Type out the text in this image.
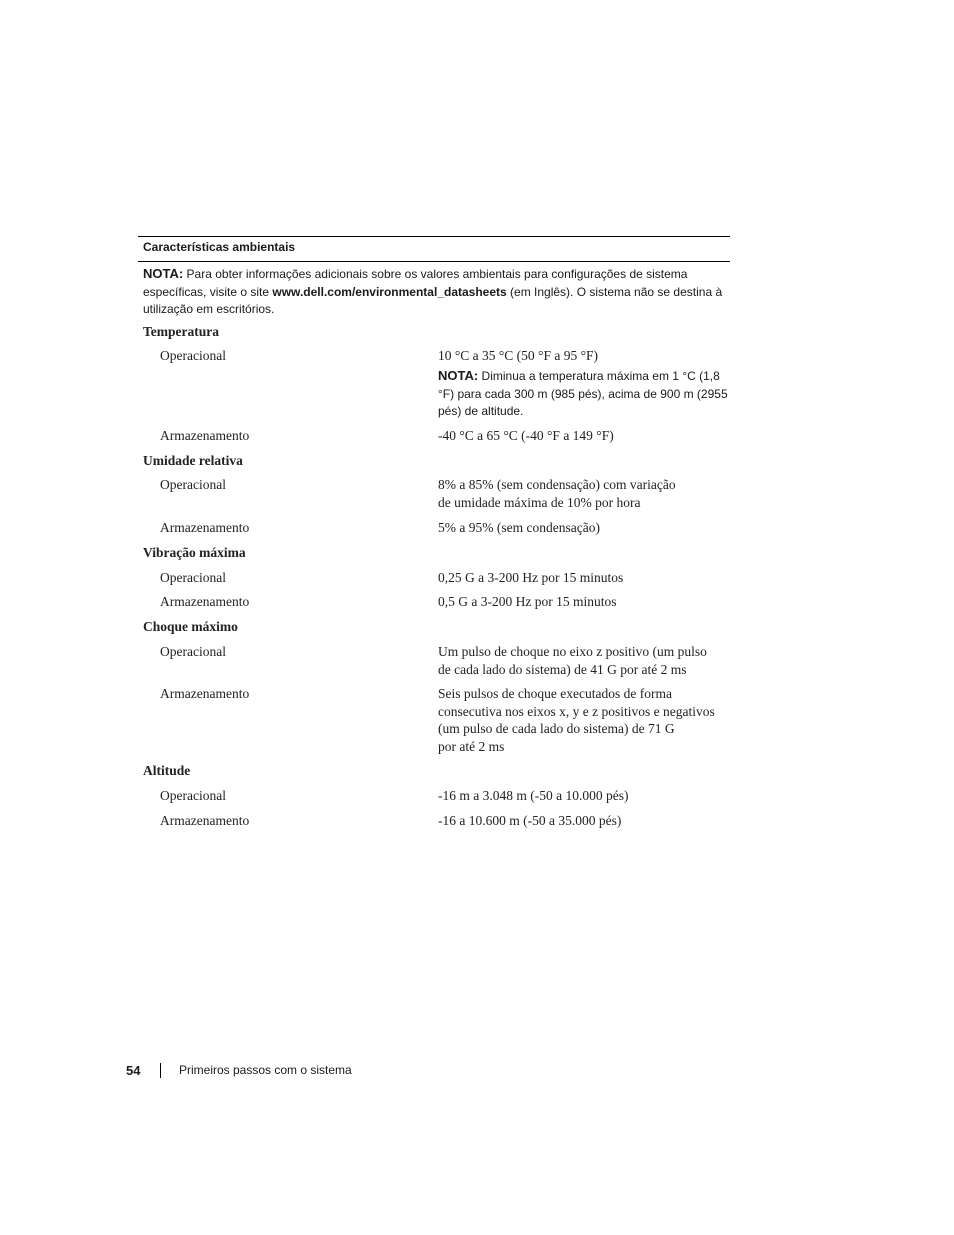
Características ambientais
NOTA: Para obter informações adicionais sobre os valores ambientais para configurações de sistema específicas, visite o site www.dell.com/environmental_datasheets (em Inglês). O sistema não se destina à utilização em escritórios.
Temperatura
Operacional	10 °C a 35 °C (50 °F a 95 °F)
NOTA: Diminua a temperatura máxima em 1 °C (1,8 °F) para cada 300 m (985 pés), acima de 900 m (2955 pés) de altitude.
Armazenamento	-40 °C a 65 °C (-40 °F a 149 °F)
Umidade relativa
Operacional	8% a 85% (sem condensação) com variação
de umidade máxima de 10% por hora
Armazenamento	5% a 95% (sem condensação)
Vibração máxima
Operacional	0,25 G a 3-200 Hz por 15 minutos
Armazenamento	0,5 G a 3-200 Hz por 15 minutos
Choque máximo
Operacional	Um pulso de choque no eixo z positivo (um pulso
de cada lado do sistema) de 41 G por até 2 ms
Armazenamento	Seis pulsos de choque executados de forma
consecutiva nos eixos x, y e z positivos e negativos
(um pulso de cada lado do sistema) de 71 G
por até 2 ms
Altitude
Operacional	-16 m a 3.048 m (-50 a 10.000 pés)
Armazenamento	-16 a 10.600 m (-50 a 35.000 pés)
54	Primeiros passos com o sistema
